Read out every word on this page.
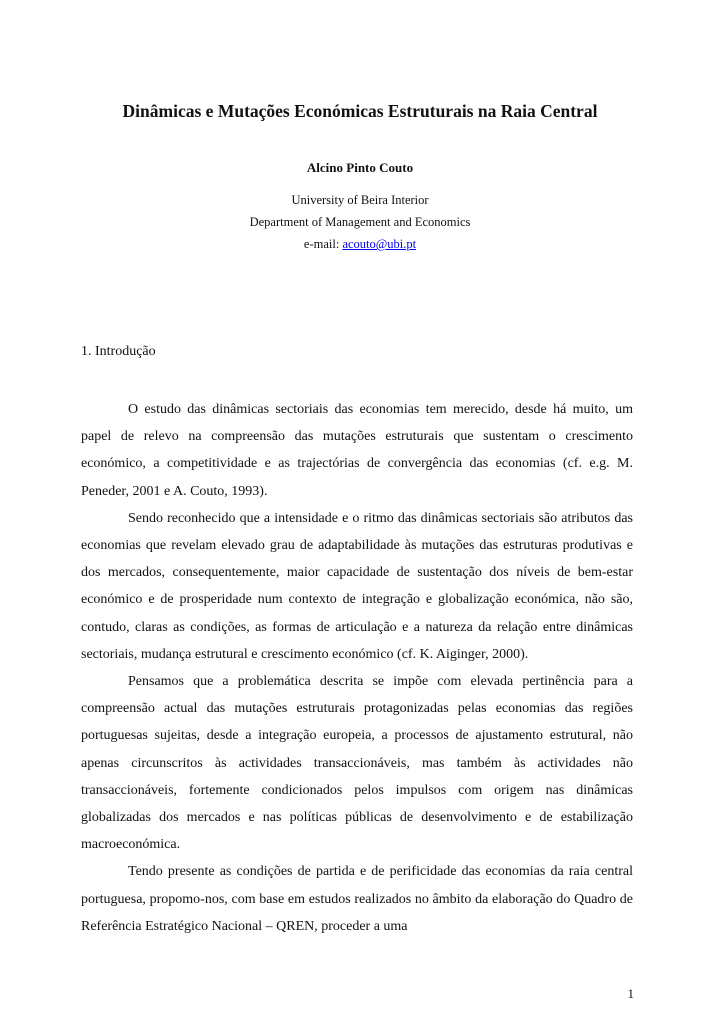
Dinâmicas e Mutações Económicas Estruturais na Raia Central
Alcino Pinto Couto
University of Beira Interior
Department of Management and Economics
e-mail: acouto@ubi.pt
1. Introdução

O estudo das dinâmicas sectoriais das economias tem merecido, desde há muito, um papel de relevo na compreensão das mutações estruturais que sustentam o crescimento económico, a competitividade e as trajectórias de convergência das economias (cf. e.g. M. Peneder, 2001 e A. Couto, 1993).

Sendo reconhecido que a intensidade e o ritmo das dinâmicas sectoriais são atributos das economias que revelam elevado grau de adaptabilidade às mutações das estruturas produtivas e dos mercados, consequentemente, maior capacidade de sustentação dos níveis de bem-estar económico e de prosperidade num contexto de integração e globalização económica, não são, contudo, claras as condições, as formas de articulação e a natureza da relação entre dinâmicas sectoriais, mudança estrutural e crescimento económico (cf. K. Aiginger, 2000).

Pensamos que a problemática descrita se impõe com elevada pertinência para a compreensão actual das mutações estruturais protagonizadas pelas economias das regiões portuguesas sujeitas, desde a integração europeia, a processos de ajustamento estrutural, não apenas circunscritos às actividades transaccionáveis, mas também às actividades não transaccionáveis, fortemente condicionados pelos impulsos com origem nas dinâmicas globalizadas dos mercados e nas políticas públicas de desenvolvimento e de estabilização macroeconómica.

Tendo presente as condições de partida e de perificidade das economias da raia central portuguesa, propomo-nos, com base em estudos realizados no âmbito da elaboração do Quadro de Referência Estratégico Nacional – QREN, proceder a uma

1
